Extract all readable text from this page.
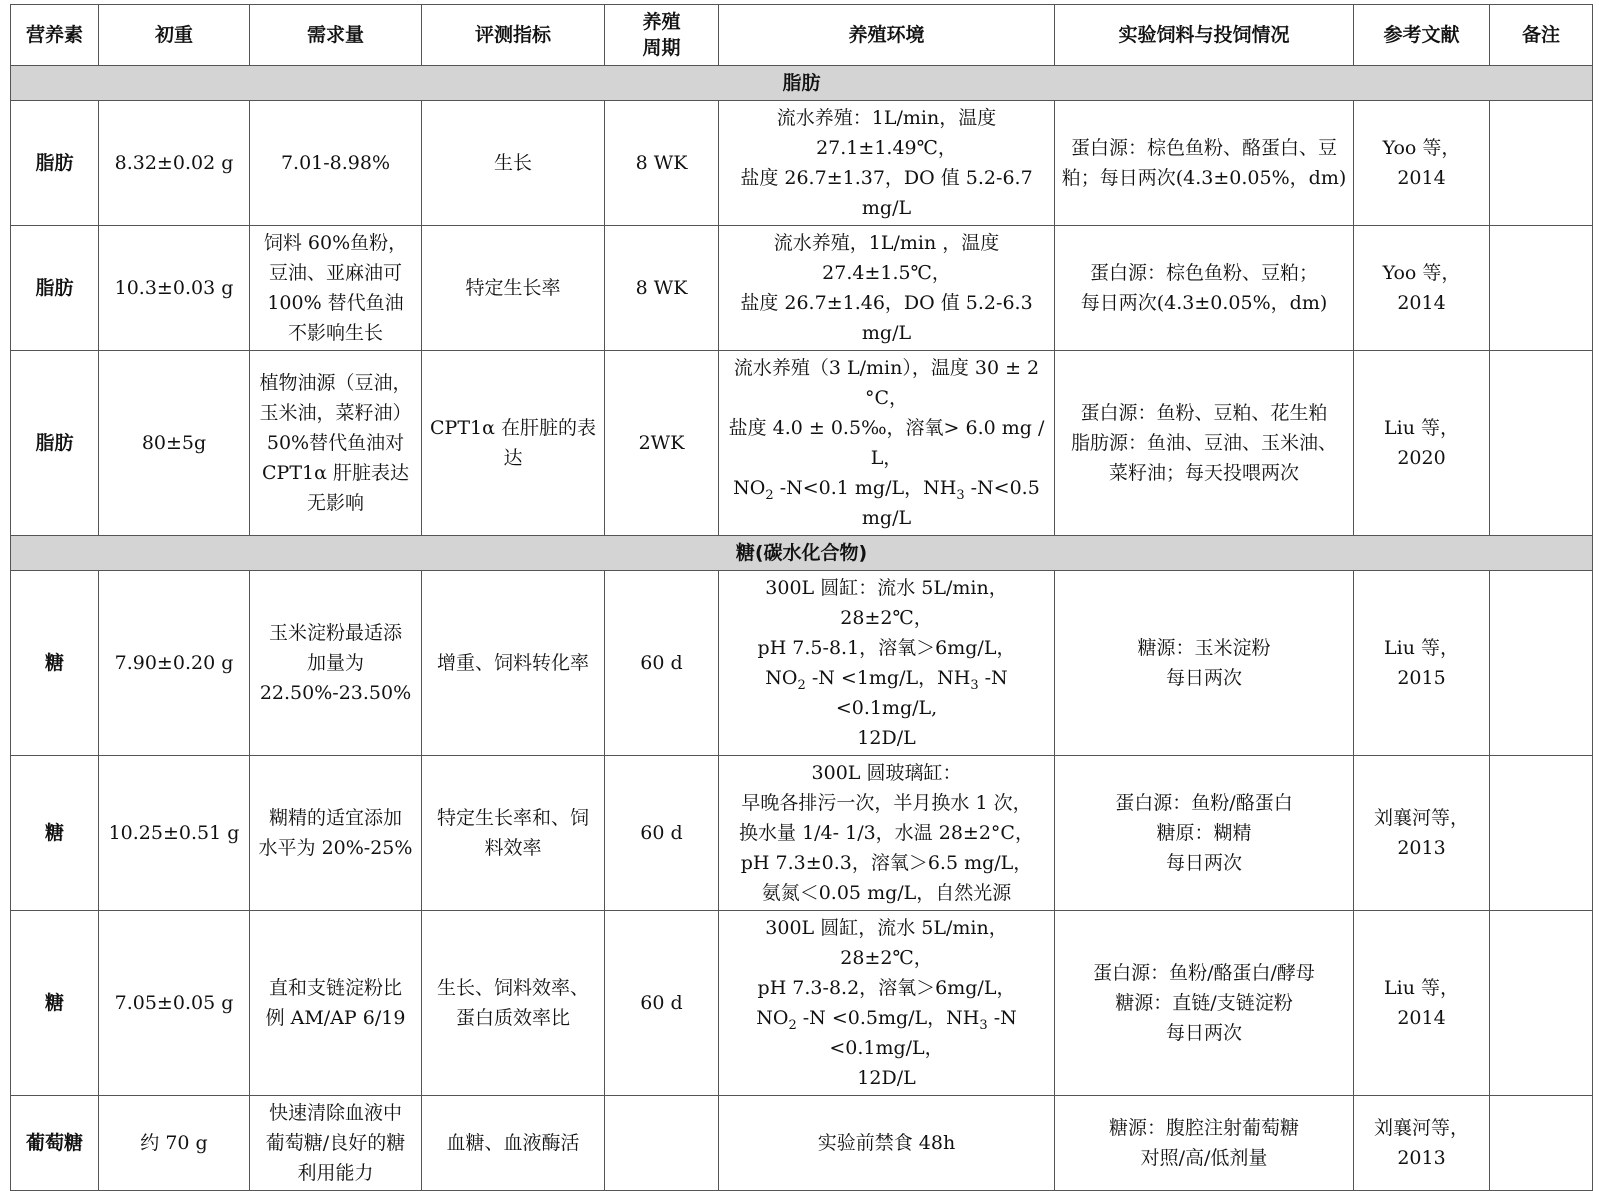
营养素	初重	需求量	评测指标	养殖周期	养殖环境	实验饲料与投饲情况	参考文献	备注
脂肪								
脂肪	8.32±0.02 g	7.01-8.98%	生长	8 WK	流水养殖：1L/min，温度 27.1±1.49℃，
盐度 26.7±1.37，DO 值 5.2-6.7 mg/L	蛋白源：棕色鱼粉、酪蛋白、豆
粕；每日两次(4.3±0.05%，dm)	Yoo 等，2014	

脂肪	10.3±0.03 g	饲料 60%鱼粉，
豆油、亚麻油可
100% 替代鱼油
不影响生长	特定生长率	8 WK	流水养殖，1L/min ，温度 27.4±1.5℃，
盐度 26.7±1.46，DO 值 5.2-6.3 mg/L	蛋白源：棕色鱼粉、豆粕；
每日两次(4.3±0.05%，dm)	Yoo 等，2014	

脂肪	80±5g	植物油源（豆油，
玉米油，菜籽油）
50%替代鱼油对
CPT1α 肝脏表达
无影响	CPT1α 在肝脏的表
达	2WK	流水养殖（3 L/min），温度 30 ± 2 °C，
盐度 4.0 ± 0.5‰，溶氧> 6.0 mg / L，
$NO_2$ -N<0.1 mg/L，$NH_3$ -N<0.5 mg/L	蛋白源：鱼粉、豆粕、花生粕
脂肪源：鱼油、豆油、玉米油、
菜籽油；每天投喂两次	Liu 等，2020	

糖(碳水化合物)								
糖	7.90±0.20 g	玉米淀粉最适添
加量为
22.50%-23.50%	增重、饲料转化率	60 d	300L 圆缸：流水 5L/min，28±2℃，
pH 7.5-8.1，溶氧＞6mg/L，
$NO_2$ -N <1mg/L，$NH_3$ -N <0.1mg/L,
12D/L	糖源：玉米淀粉
每日两次	Liu 等，2015	

糖	10.25±0.51 g	糊精的适宜添加
水平为 20%-25%	特定生长率和、饲
料效率	60 d	300L 圆玻璃缸：
早晚各排污一次，半月换水 1 次，
换水量 1/4- 1/3，水温 28±2°C，
pH 7.3±0.3，溶氧＞6.5 mg/L，
氨氮＜0.05 mg/L，自然光源	蛋白源：鱼粉/酪蛋白
糖原：糊精
每日两次	刘襄河等，
2013	

糖	7.05±0.05 g	直和支链淀粉比
例 AM/AP 6/19	生长、饲料效率、
蛋白质效率比	60 d	300L 圆缸，流水 5L/min，28±2℃，
pH 7.3-8.2，溶氧＞6mg/L，
$NO_2$ -N <0.5mg/L，$NH_3$ -N <0.1mg/L，
12D/L	蛋白源：鱼粉/酪蛋白/酵母
糖源：直链/支链淀粉
每日两次	Liu 等，2014	

葡萄糖	约 70 g	快速清除血液中
葡萄糖/良好的糖
利用能力	血糖、血液酶活		实验前禁食 48h	糖源：腹腔注射葡萄糖
对照/高/低剂量	刘襄河等，
2013	
